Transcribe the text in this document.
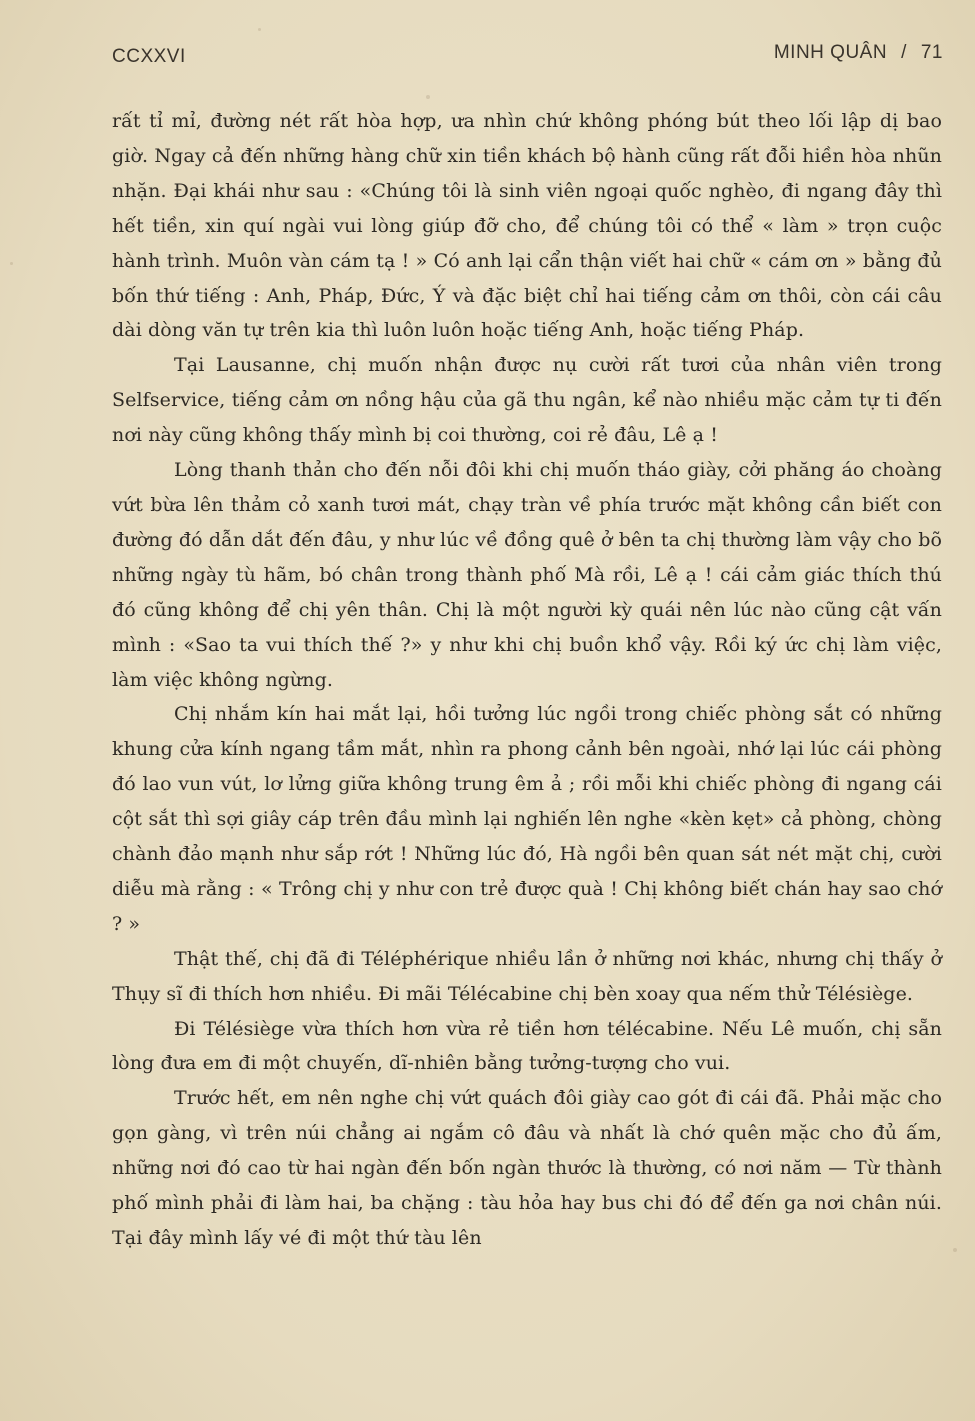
CCXXVI	MINH QUÂN / 71

rất tỉ mỉ, đường nét rất hòa hợp, ưa nhìn chứ không phóng bút theo lối lập dị bao giờ. Ngay cả đến những hàng chữ xin tiền khách bộ hành cũng rất đỗi hiền hòa nhũn nhặn. Đại khái như sau : «Chúng tôi là sinh viên ngoại quốc nghèo, đi ngang đây thì hết tiền, xin quí ngài vui lòng giúp đỡ cho, để chúng tôi có thể « làm » trọn cuộc hành trình. Muôn vàn cám tạ ! » Có anh lại cẩn thận viết hai chữ « cám ơn » bằng đủ bốn thứ tiếng : Anh, Pháp, Đức, Ý và đặc biệt chỉ hai tiếng cảm ơn thôi, còn cái câu dài dòng văn tự trên kia thì luôn luôn hoặc tiếng Anh, hoặc tiếng Pháp.

Tại Lausanne, chị muốn nhận được nụ cười rất tươi của nhân viên trong Selfservice, tiếng cảm ơn nồng hậu của gã thu ngân, kể nào nhiều mặc cảm tự ti đến nơi này cũng không thấy mình bị coi thường, coi rẻ đâu, Lê ạ !

Lòng thanh thản cho đến nỗi đôi khi chị muốn tháo giày, cởi phăng áo choàng vứt bừa lên thảm cỏ xanh tươi mát, chạy tràn về phía trước mặt không cần biết con đường đó dẫn dắt đến đâu, y như lúc về đồng quê ở bên ta chị thường làm vậy cho bõ những ngày tù hãm, bó chân trong thành phố Mà rồi, Lê ạ ! cái cảm giác thích thú đó cũng không để chị yên thân. Chị là một người kỳ quái nên lúc nào cũng cật vấn mình : «Sao ta vui thích thế ?» y như khi chị buồn khổ vậy. Rồi ký ức chị làm việc, làm việc không ngừng.

Chị nhắm kín hai mắt lại, hồi tưởng lúc ngồi trong chiếc phòng sắt có những khung cửa kính ngang tầm mắt, nhìn ra phong cảnh bên ngoài, nhớ lại lúc cái phòng đó lao vun vút, lơ lửng giữa không trung êm ả ; rồi mỗi khi chiếc phòng đi ngang cái cột sắt thì sợi giây cáp trên đầu mình lại nghiến lên nghe «kèn kẹt» cả phòng, chòng chành đảo mạnh như sắp rớt ! Những lúc đó, Hà ngồi bên quan sát nét mặt chị, cười diễu mà rằng : « Trông chị y như con trẻ được quà ! Chị không biết chán hay sao chớ ? »

Thật thế, chị đã đi Téléphérique nhiều lần ở những nơi khác, nhưng chị thấy ở Thụy sĩ đi thích hơn nhiều. Đi mãi Télécabine chị bèn xoay qua nếm thử Télésiège.

Đi Télésiège vừa thích hơn vừa rẻ tiền hơn télécabine. Nếu Lê muốn, chị sẵn lòng đưa em đi một chuyến, dĩ-nhiên bằng tưởng-tượng cho vui.

Trước hết, em nên nghe chị vứt quách đôi giày cao gót đi cái đã. Phải mặc cho gọn gàng, vì trên núi chẳng ai ngắm cô đâu và nhất là chớ quên mặc cho đủ ấm, những nơi đó cao từ hai ngàn đến bốn ngàn thước là thường, có nơi năm — Từ thành phố mình phải đi làm hai, ba chặng : tàu hỏa hay bus chi đó để đến ga nơi chân núi. Tại đây mình lấy vé đi một thứ tàu lên
